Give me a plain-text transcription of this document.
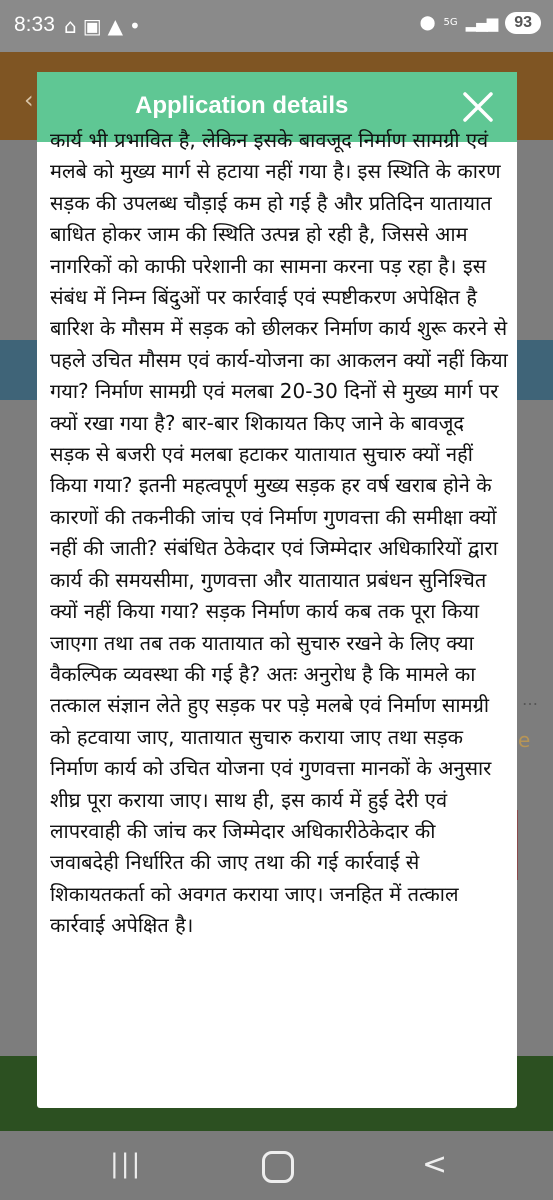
8:33 ⌂▣▲•	⬤ 5G ▂▄▆	93
‹
…
e
Application details

कार्य भी प्रभावित है, लेकिन इसके बावजूद निर्माण सामग्री एवं मलबे को मुख्य मार्ग से हटाया नहीं गया है। इस स्थिति के कारण सड़क की उपलब्ध चौड़ाई कम हो गई है और प्रतिदिन यातायात बाधित होकर जाम की स्थिति उत्पन्न हो रही है, जिससे आम नागरिकों को काफी परेशानी का सामना करना पड़ रहा है। इस संबंध में निम्न बिंदुओं पर कार्रवाई एवं स्पष्टीकरण अपेक्षित है बारिश के मौसम में सड़क को छीलकर निर्माण कार्य शुरू करने से पहले उचित मौसम एवं कार्य-योजना का आकलन क्यों नहीं किया गया? निर्माण सामग्री एवं मलबा 20-30 दिनों से मुख्य मार्ग पर क्यों रखा गया है? बार-बार शिकायत किए जाने के बावजूद सड़क से बजरी एवं मलबा हटाकर यातायात सुचारु क्यों नहीं किया गया? इतनी महत्वपूर्ण मुख्य सड़क हर वर्ष खराब होने के कारणों की तकनीकी जांच एवं निर्माण गुणवत्ता की समीक्षा क्यों नहीं की जाती? संबंधित ठेकेदार एवं जिम्मेदार अधिकारियों द्वारा कार्य की समयसीमा, गुणवत्ता और यातायात प्रबंधन सुनिश्चित क्यों नहीं किया गया? सड़क निर्माण कार्य कब तक पूरा किया जाएगा तथा तब तक यातायात को सुचारु रखने के लिए क्या वैकल्पिक व्यवस्था की गई है? अतः अनुरोध है कि मामले का तत्काल संज्ञान लेते हुए सड़क पर पड़े मलबे एवं निर्माण सामग्री को हटवाया जाए, यातायात सुचारु कराया जाए तथा सड़क निर्माण कार्य को उचित योजना एवं गुणवत्ता मानकों के अनुसार शीघ्र पूरा कराया जाए। साथ ही, इस कार्य में हुई देरी एवं लापरवाही की जांच कर जिम्मेदार अधिकारीठेकेदार की जवाबदेही निर्धारित की जाए तथा की गई कार्रवाई से शिकायतकर्ता को अवगत कराया जाए। जनहित में तत्काल कार्रवाई अपेक्षित है।

|||	<
